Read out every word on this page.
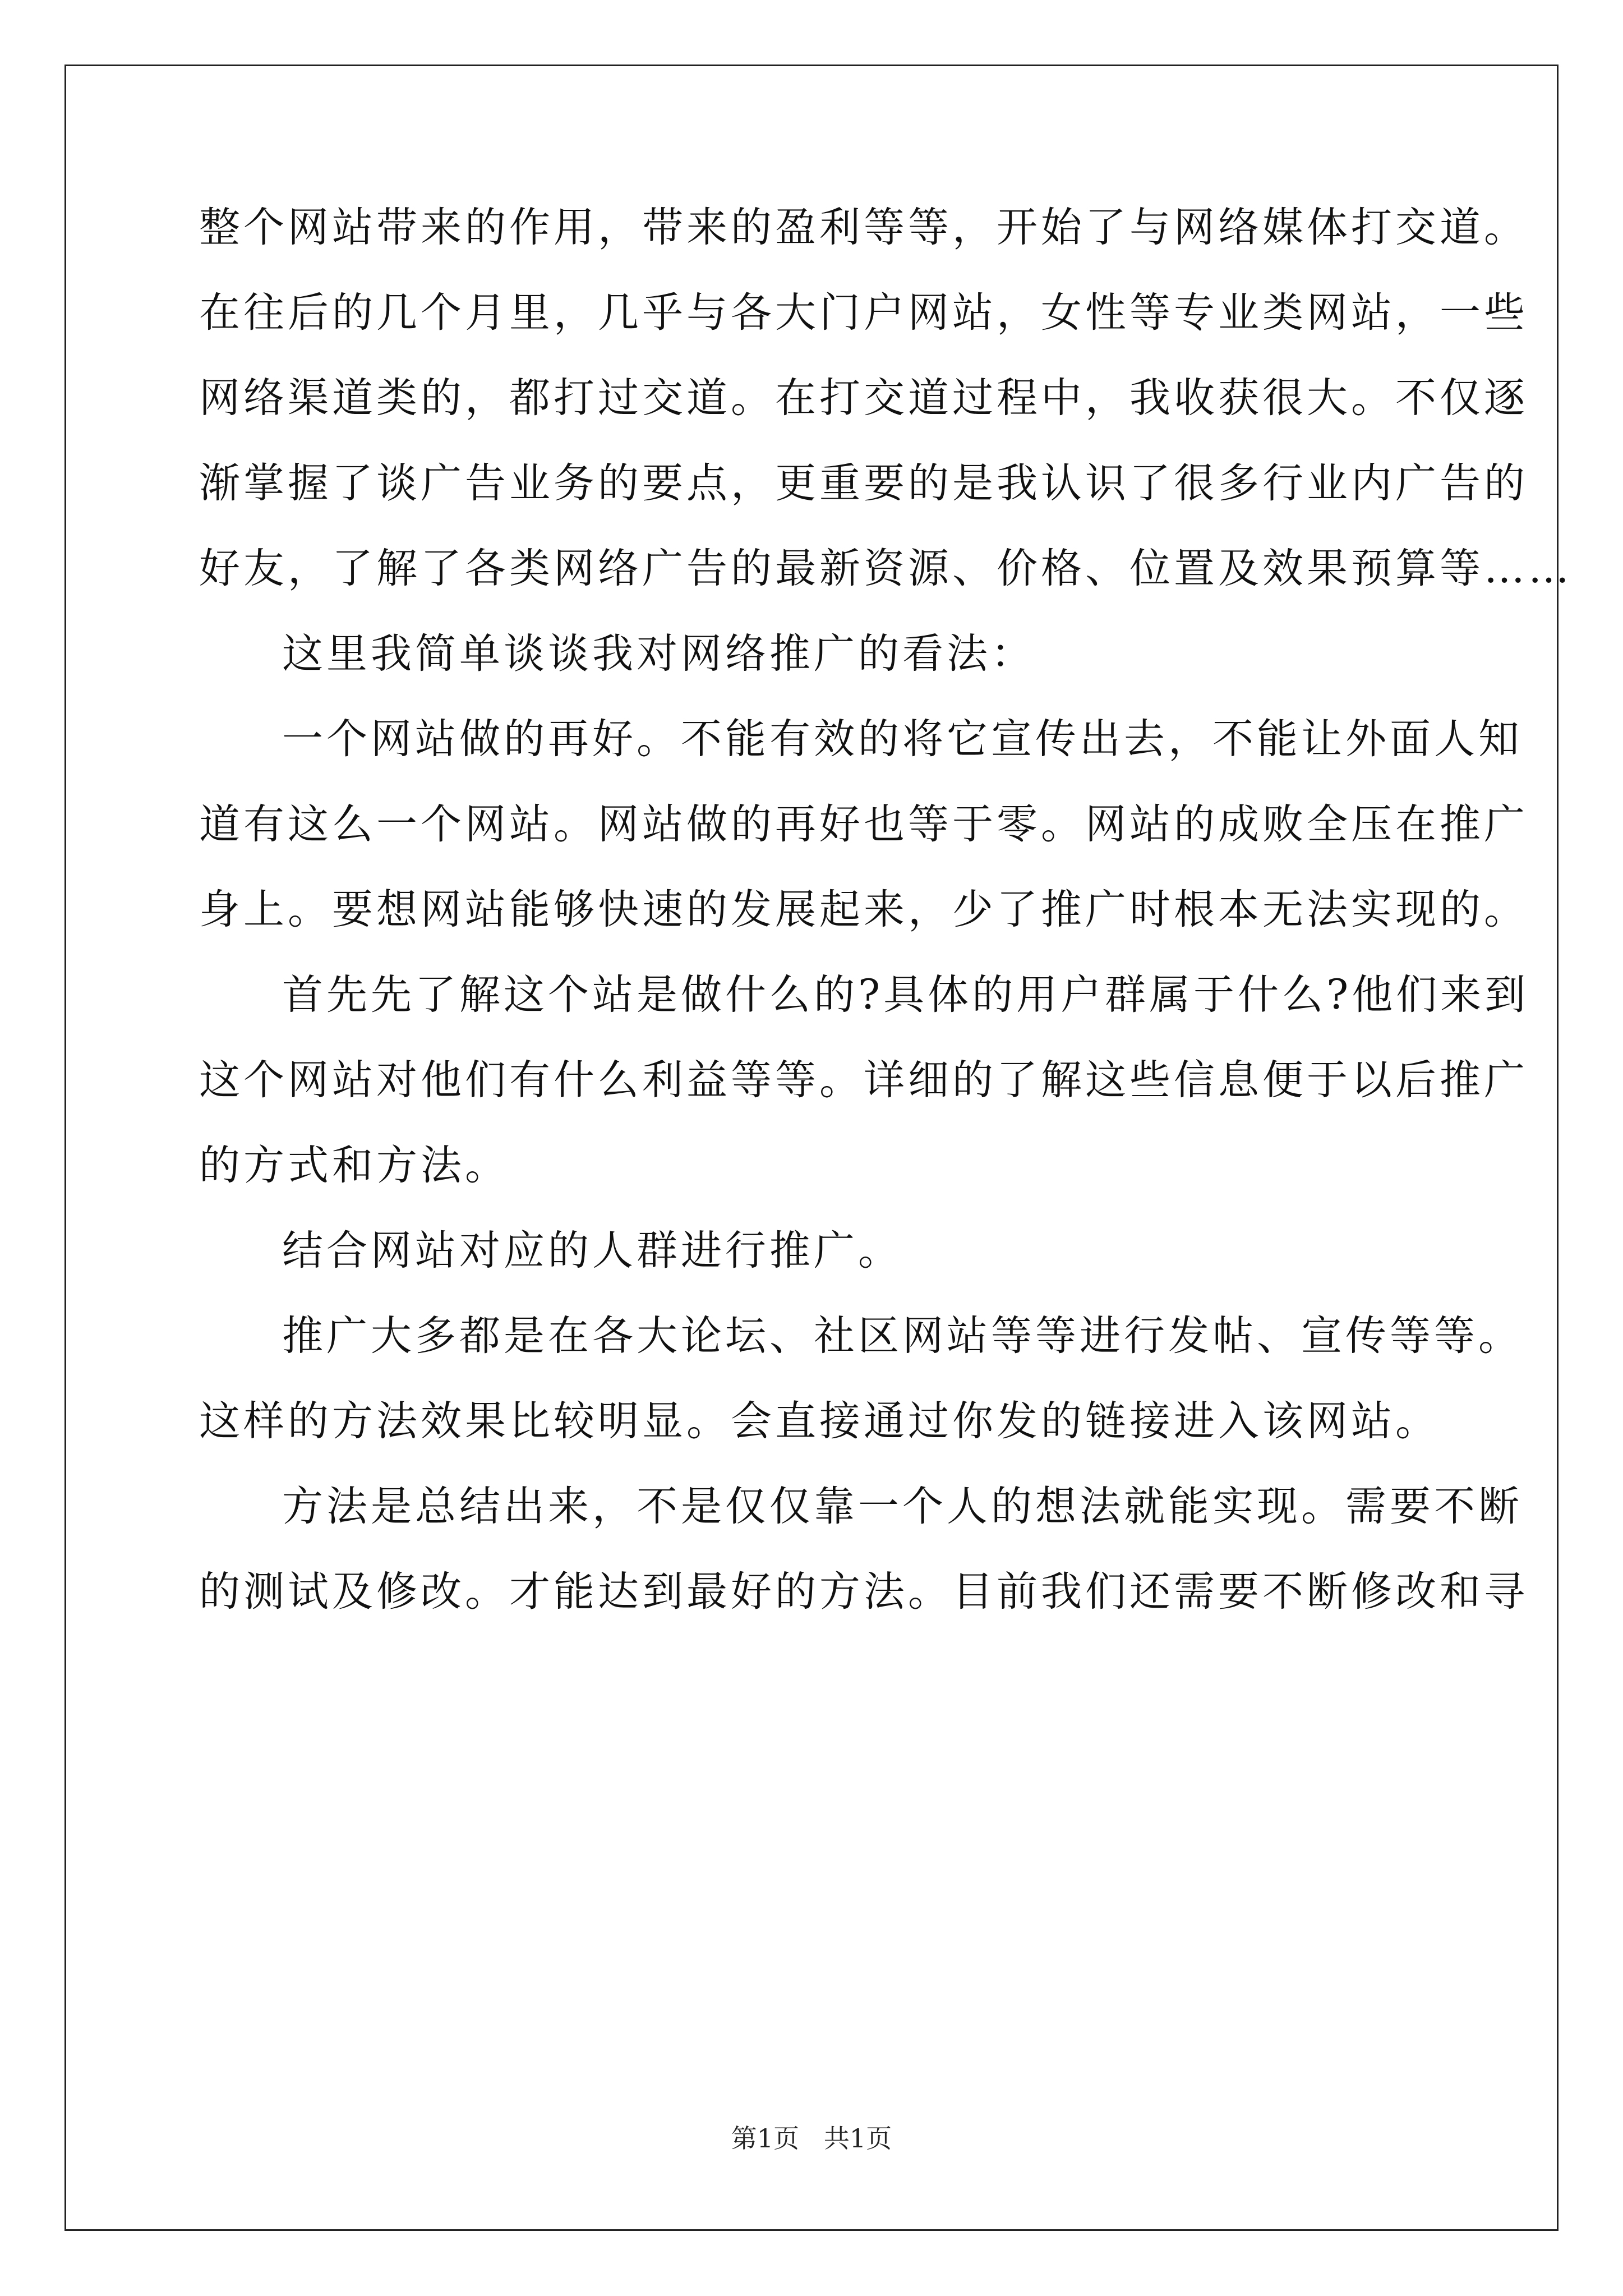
整个网站带来的作用，带来的盈利等等，开始了与网络媒体打交道。
在往后的几个月里，几乎与各大门户网站，女性等专业类网站，一些
网络渠道类的，都打过交道。在打交道过程中，我收获很大。不仅逐
渐掌握了谈广告业务的要点，更重要的是我认识了很多行业内广告的
好友，了解了各类网络广告的最新资源、价格、位置及效果预算等……
这里我简单谈谈我对网络推广的看法：
一个网站做的再好。不能有效的将它宣传出去，不能让外面人知
道有这么一个网站。网站做的再好也等于零。网站的成败全压在推广
身上。要想网站能够快速的发展起来，少了推广时根本无法实现的。
首先先了解这个站是做什么的?具体的用户群属于什么?他们来到
这个网站对他们有什么利益等等。详细的了解这些信息便于以后推广
的方式和方法。
结合网站对应的人群进行推广。
推广大多都是在各大论坛、社区网站等等进行发帖、宣传等等。
这样的方法效果比较明显。会直接通过你发的链接进入该网站。
方法是总结出来，不是仅仅靠一个人的想法就能实现。需要不断
的测试及修改。才能达到最好的方法。目前我们还需要不断修改和寻
第1页   共1页
